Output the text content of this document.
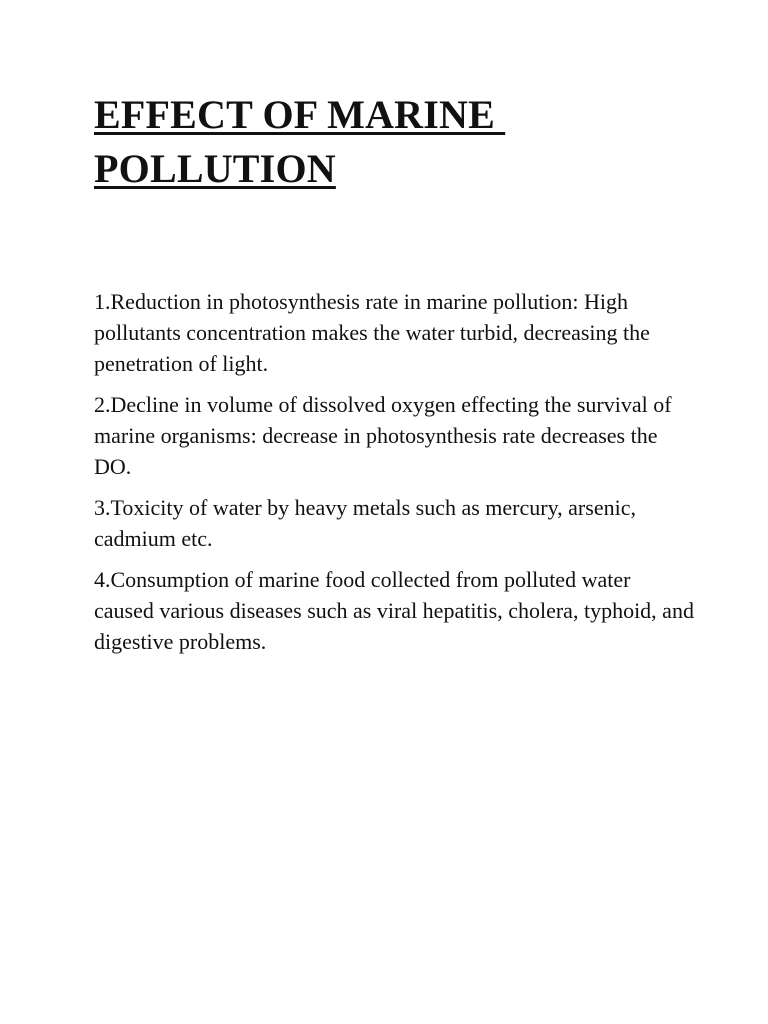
EFFECT OF MARINE
POLLUTION

1.Reduction in photosynthesis rate in marine pollution: High pollutants concentration makes the water turbid, decreasing the penetration of light.

2.Decline in volume of dissolved oxygen effecting the survival of marine organisms: decrease in photosynthesis rate decreases the DO.

3.Toxicity of water by heavy metals such as mercury, arsenic, cadmium etc.

4.Consumption of marine food collected from polluted water caused various diseases such as viral hepatitis, cholera, typhoid, and digestive problems.
